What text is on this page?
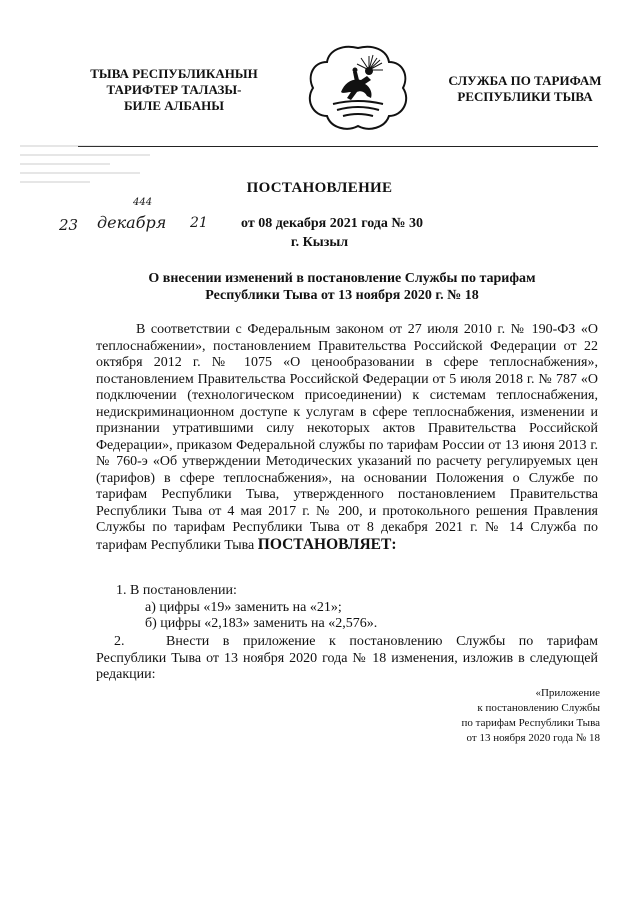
ТЫВА РЕСПУБЛИКАНЫН
ТАРИФТЕР ТАЛАЗЫ-
БИЛЕ АЛБАНЫ
СЛУЖБА ПО ТАРИФАМ
РЕСПУБЛИКИ ТЫВА
ПОСТАНОВЛЕНИЕ
23 декабря
444
21 от 08 декабря 2021 года № 30
г. Кызыл
О внесении изменений в постановление Службы по тарифам
Республики Тыва от 13 ноября 2020 г. № 18

В соответствии с Федеральным законом от 27 июля 2010 г. № 190-ФЗ «О теплоснабжении», постановлением Правительства Российской Федерации от 22 октября 2012 г. № 1075 «О ценообразовании в сфере теплоснабжения», постановлением Правительства Российской Федерации от 5 июля 2018 г. № 787 «О подключении (технологическом присоединении) к системам теплоснабжения, недискриминационном доступе к услугам в сфере теплоснабжения, изменении и признании утратившими силу некоторых актов Правительства Российской Федерации», приказом Федеральной службы по тарифам России от 13 июня 2013 г. № 760-э «Об утверждении Методических указаний по расчету регулируемых цен (тарифов) в сфере теплоснабжения», на основании Положения о Службе по тарифам Республики Тыва, утвержденного постановлением Правительства Республики Тыва от 4 мая 2017 г. № 200, и протокольного решения Правления Службы по тарифам Республики Тыва от 8 декабря 2021 г. № 14 Служба по тарифам Республики Тыва ПОСТАНОВЛЯЕТ:

1. В постановлении:
а) цифры «19» заменить на «21»;
б) цифры «2,183» заменить на «2,576».
2.	Внести в приложение к постановлению Службы по тарифам Республики Тыва от 13 ноября 2020 года № 18 изменения, изложив в следующей редакции:
«Приложение
к постановлению Службы
по тарифам Республики Тыва
от 13 ноября 2020 года № 18
